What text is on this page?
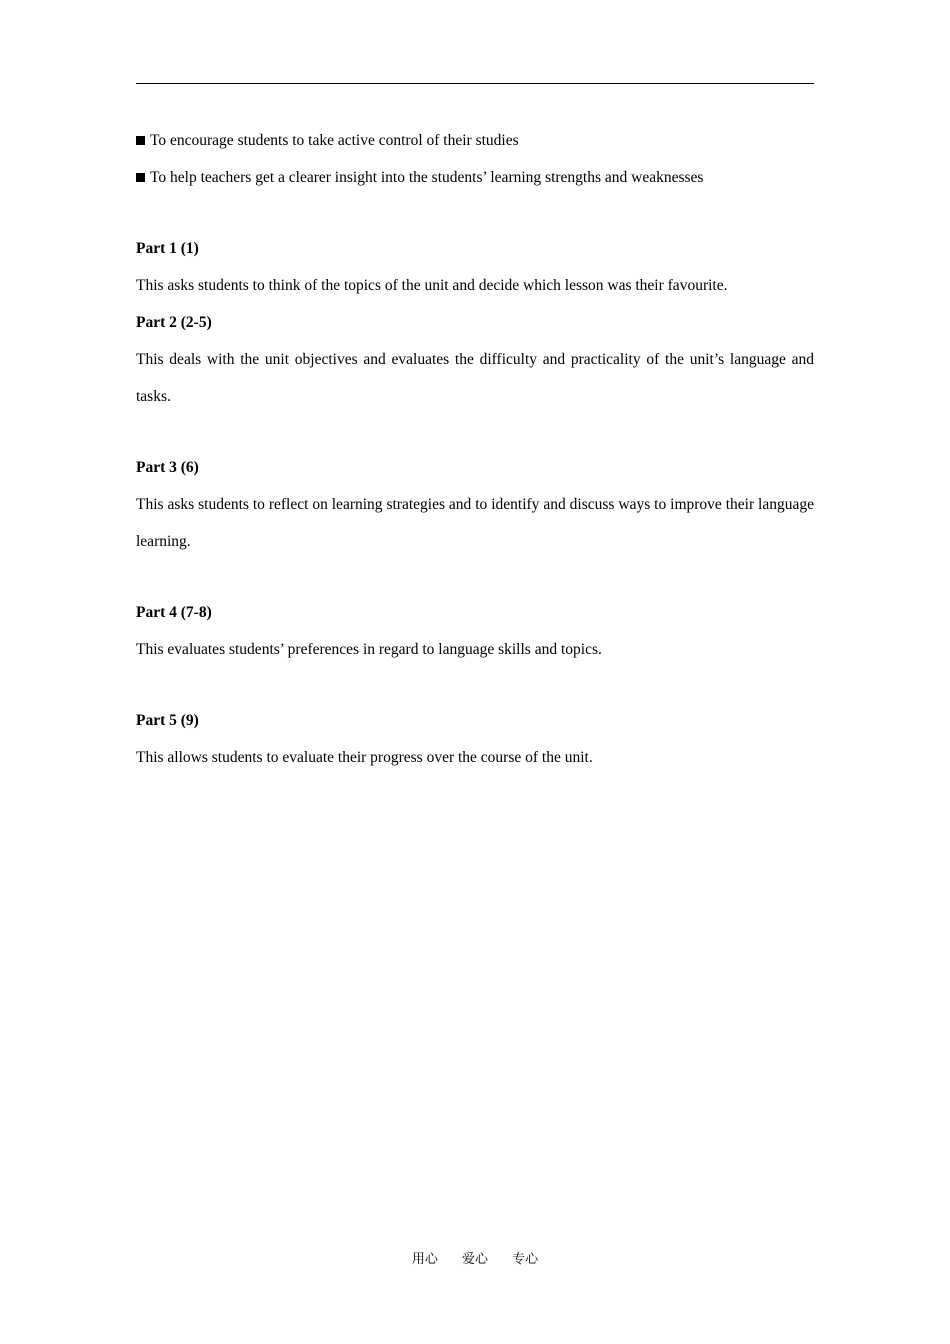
To encourage students to take active control of their studies

To help teachers get a clearer insight into the students’ learning strengths and weaknesses

Part 1 (1)

This asks students to think of the topics of the unit and decide which lesson was their favourite.

Part 2 (2-5)

This deals with the unit objectives and evaluates the difficulty and practicality of the unit’s language and tasks.

Part 3 (6)

This asks students to reflect on learning strategies and to identify and discuss ways to improve their language learning.

Part 4 (7-8)

This evaluates students’ preferences in regard to language skills and topics.

Part 5 (9)

This allows students to evaluate their progress over the course of the unit.

用心 爱心 专心
